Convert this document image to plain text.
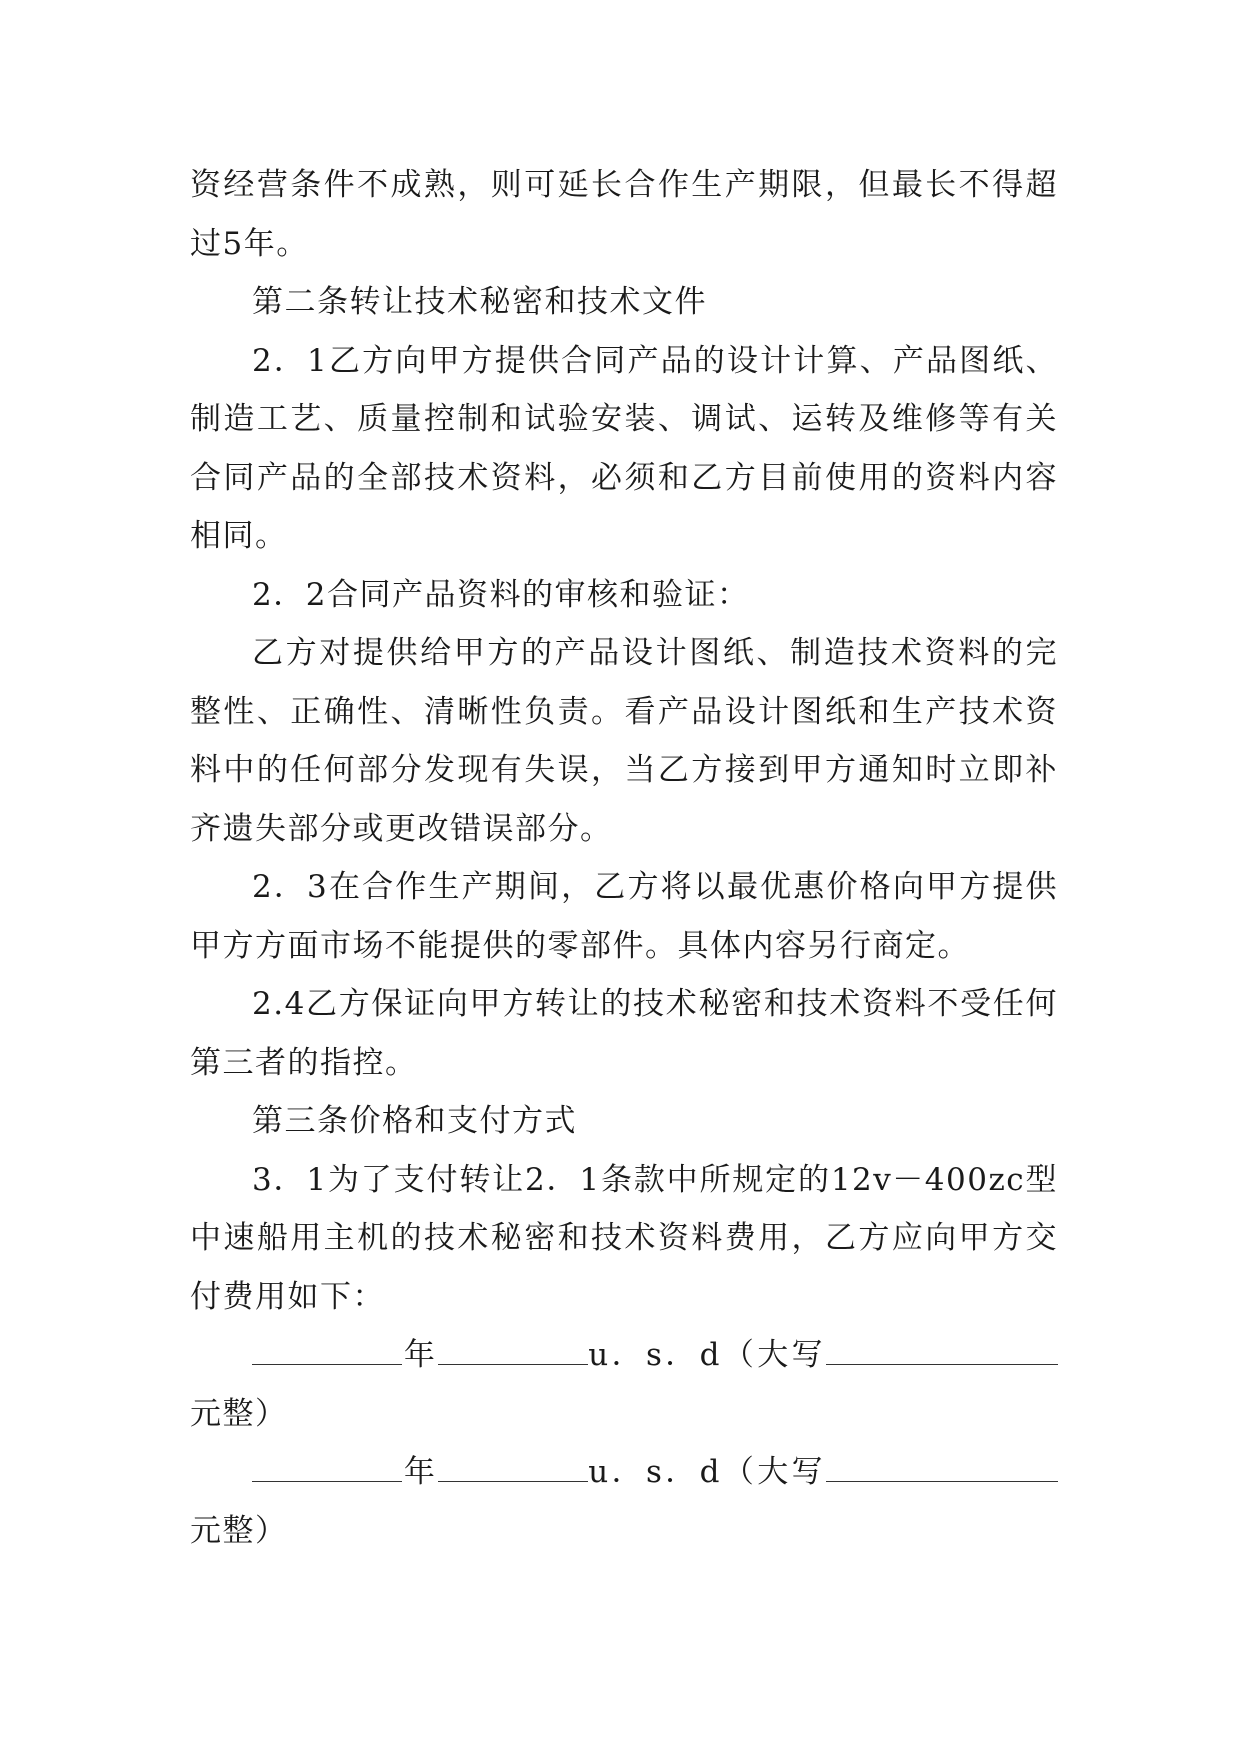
资经营条件不成熟，则可延长合作生产期限，但最长不得超过5年。

第二条转让技术秘密和技术文件

2．1乙方向甲方提供合同产品的设计计算、产品图纸、制造工艺、质量控制和试验安装、调试、运转及维修等有关合同产品的全部技术资料，必须和乙方目前使用的资料内容相同。

2．2合同产品资料的审核和验证：

乙方对提供给甲方的产品设计图纸、制造技术资料的完整性、正确性、清晰性负责。看产品设计图纸和生产技术资料中的任何部分发现有失误，当乙方接到甲方通知时立即补齐遗失部分或更改错误部分。

2．3在合作生产期间，乙方将以最优惠价格向甲方提供甲方方面市场不能提供的零部件。具体内容另行商定。

2.4乙方保证向甲方转让的技术秘密和技术资料不受任何第三者的指控。

第三条价格和支付方式

3．1为了支付转让2．1条款中所规定的12v－400zc型中速船用主机的技术秘密和技术资料费用，乙方应向甲方交付费用如下：

年	u．s．d（大写元整）

年	u．s．d（大写元整）
